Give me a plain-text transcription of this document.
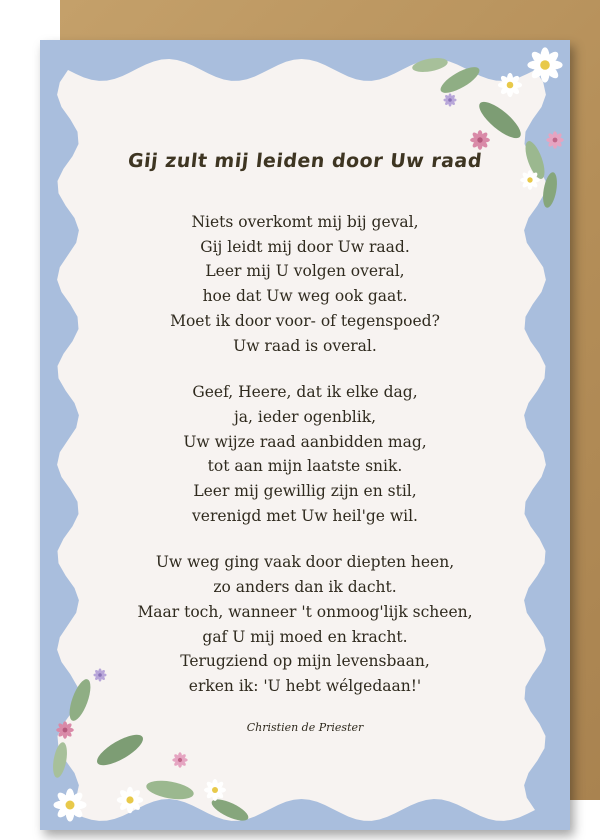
Gij zult mij leiden door Uw raad
Niets overkomt mij bij geval,
Gij leidt mij door Uw raad.
Leer mij U volgen overal,
hoe dat Uw weg ook gaat.
Moet ik door voor- of tegenspoed?
Uw raad is overal.
Geef, Heere, dat ik elke dag,
ja, ieder ogenblik,
Uw wijze raad aanbidden mag,
tot aan mijn laatste snik.
Leer mij gewillig zijn en stil,
verenigd met Uw heil'ge wil.
Uw weg ging vaak door diepten heen,
zo anders dan ik dacht.
Maar toch, wanneer 't onmoog'lijk scheen,
gaf U mij moed en kracht.
Terugziend op mijn levensbaan,
erken ik: 'U hebt wélgedaan!'
Christien de Priester
